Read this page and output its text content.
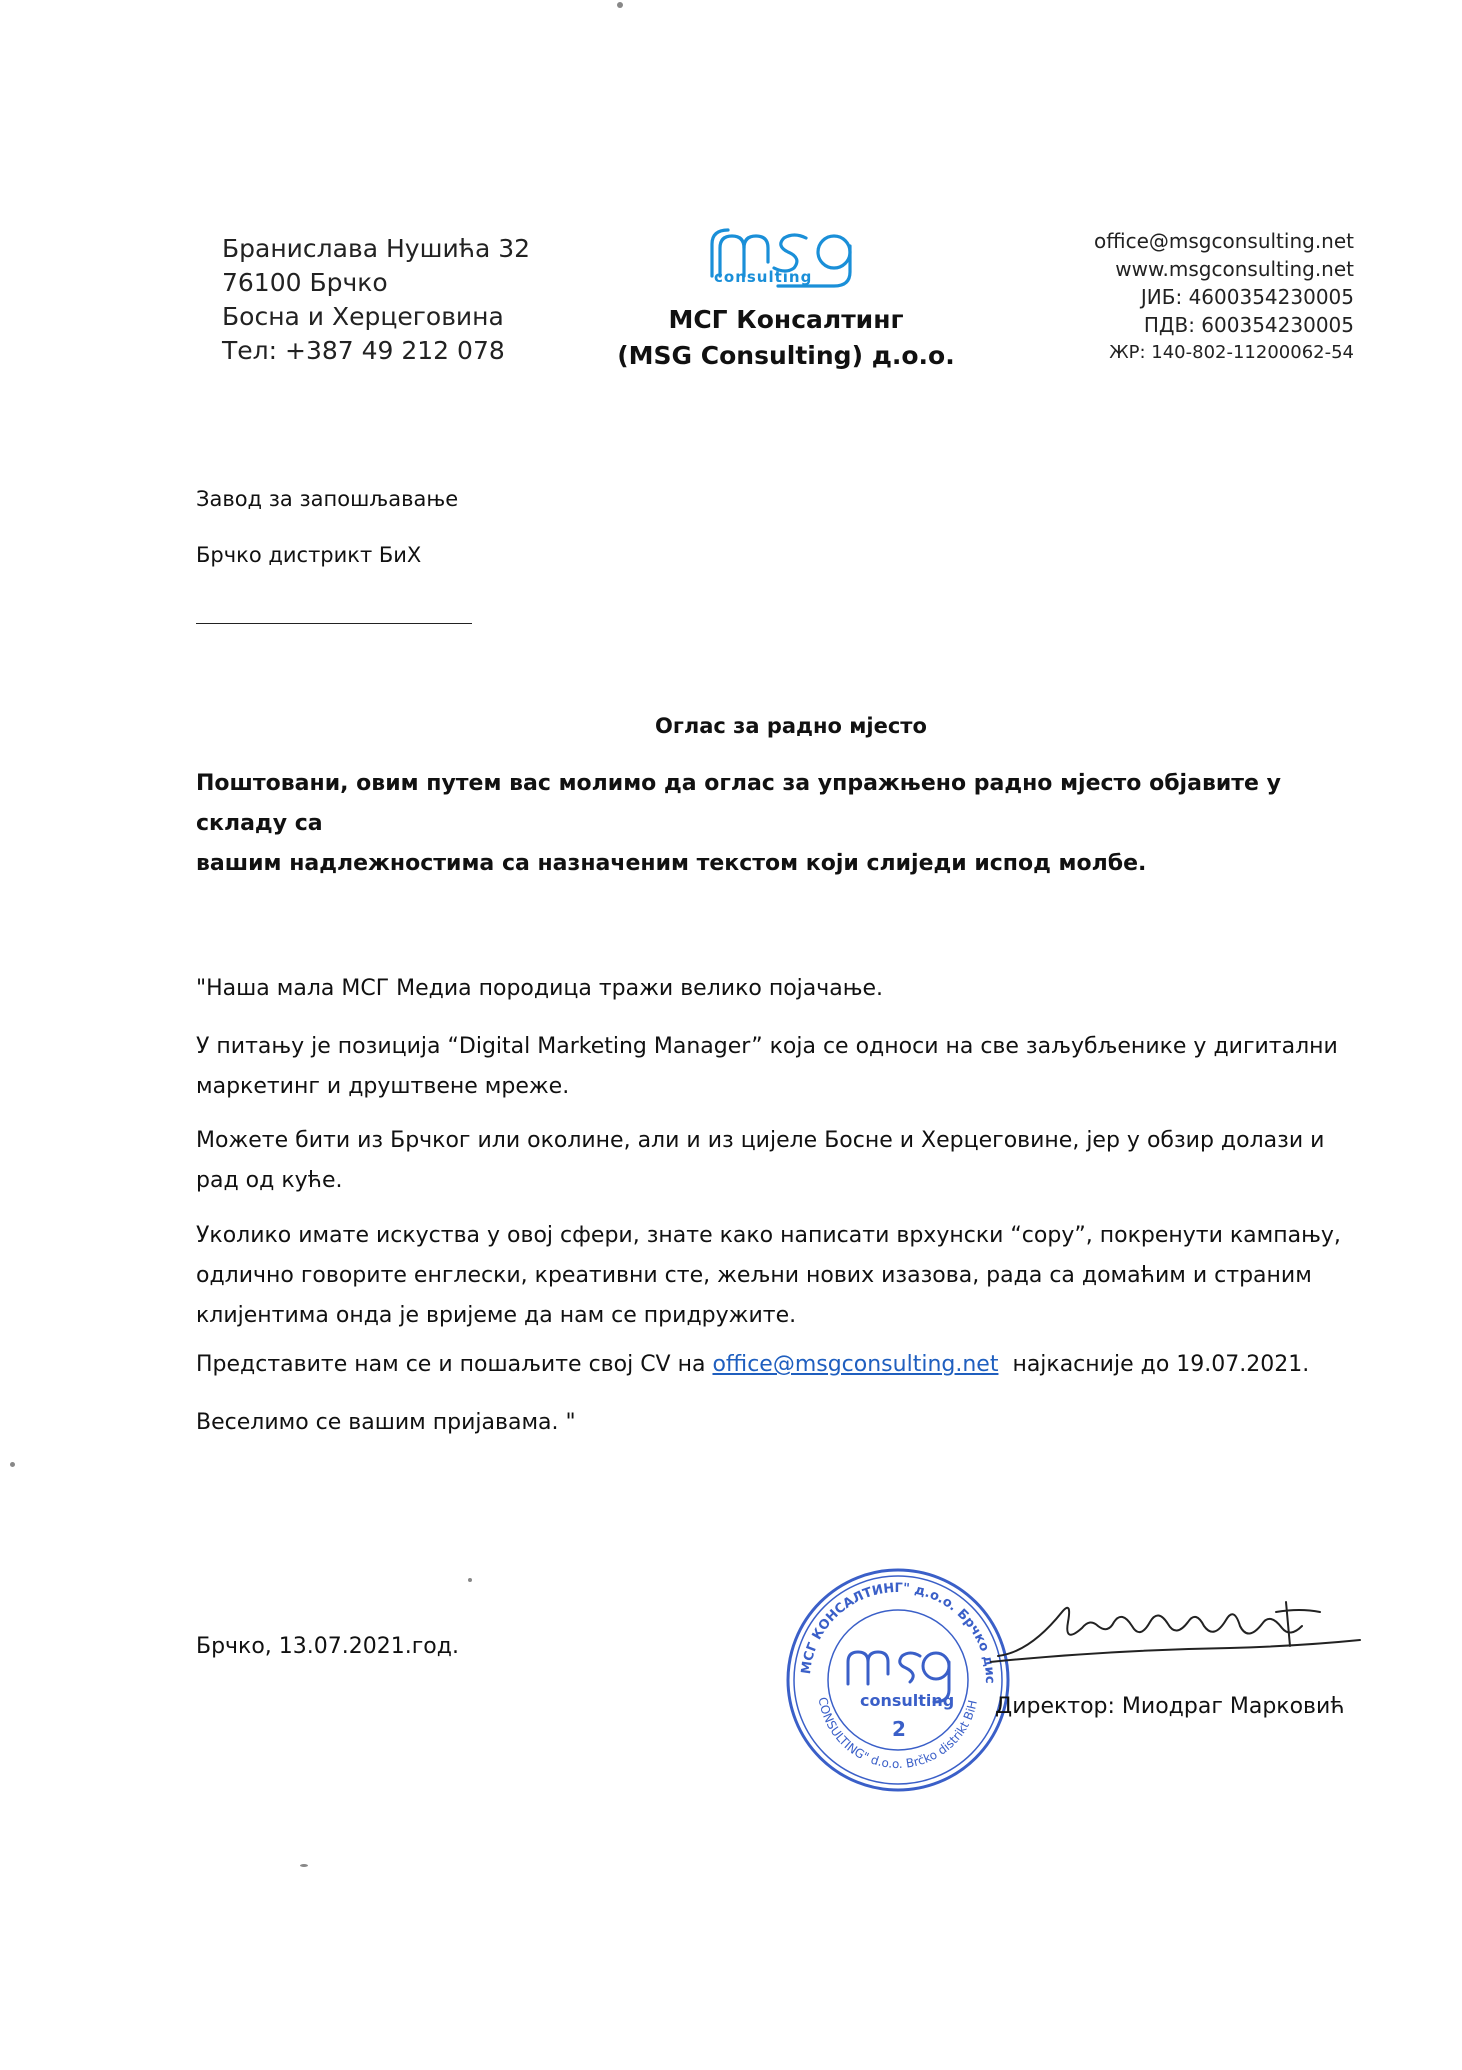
Бранислава Нушића 32
76100 Брчко
Босна и Херцеговина
Тел: +387 49 212 078
consulting
МСГ Консалтинг
(MSG Consulting) д.о.о.
office@msgconsulting.net
www.msgconsulting.net
ЈИБ: 4600354230005
ПДВ: 600354230005
ЖР: 140-802-11200062-54
Завод за запошљавање
Брчко дистрикт БиХ
Оглас за радно мјесто
Поштовани, овим путем вас молимо да оглас за упражњено радно мјесто објавите у складу са
вашим надлежностима са назначеним текстом који слиједи испод молбе.
"Наша мала МСГ Медиа породица тражи велико појачање.
У питању је позиција “Digital Marketing Manager” која се односи на све заљубљенике у дигитални
маркетинг и друштвене мреже.
Можете бити из Брчког или околине, али и из цијеле Босне и Херцеговине, јер у обзир долази и
рад од куће.
Уколико имате искуства у овој сфери, знате како написати врхунски “copy”, покренути кампању,
одлично говорите енглески, креативни сте, жељни нових изазова, рада са домаћим и страним
клијентима онда је вријеме да нам се придружите.
Представите нам се и пошаљите свој CV на office@msgconsulting.net  најкасније до 19.07.2021.
Веселимо се вашим пријавама. "
Брчко, 13.07.2021.год.
МСГ КОНСАЛТИНГ" д.о.о. Брчко дис
CONSULTING" d.o.o. Brčko distrikt BiH
consulting
2
Директор: Миодраг Марковић
